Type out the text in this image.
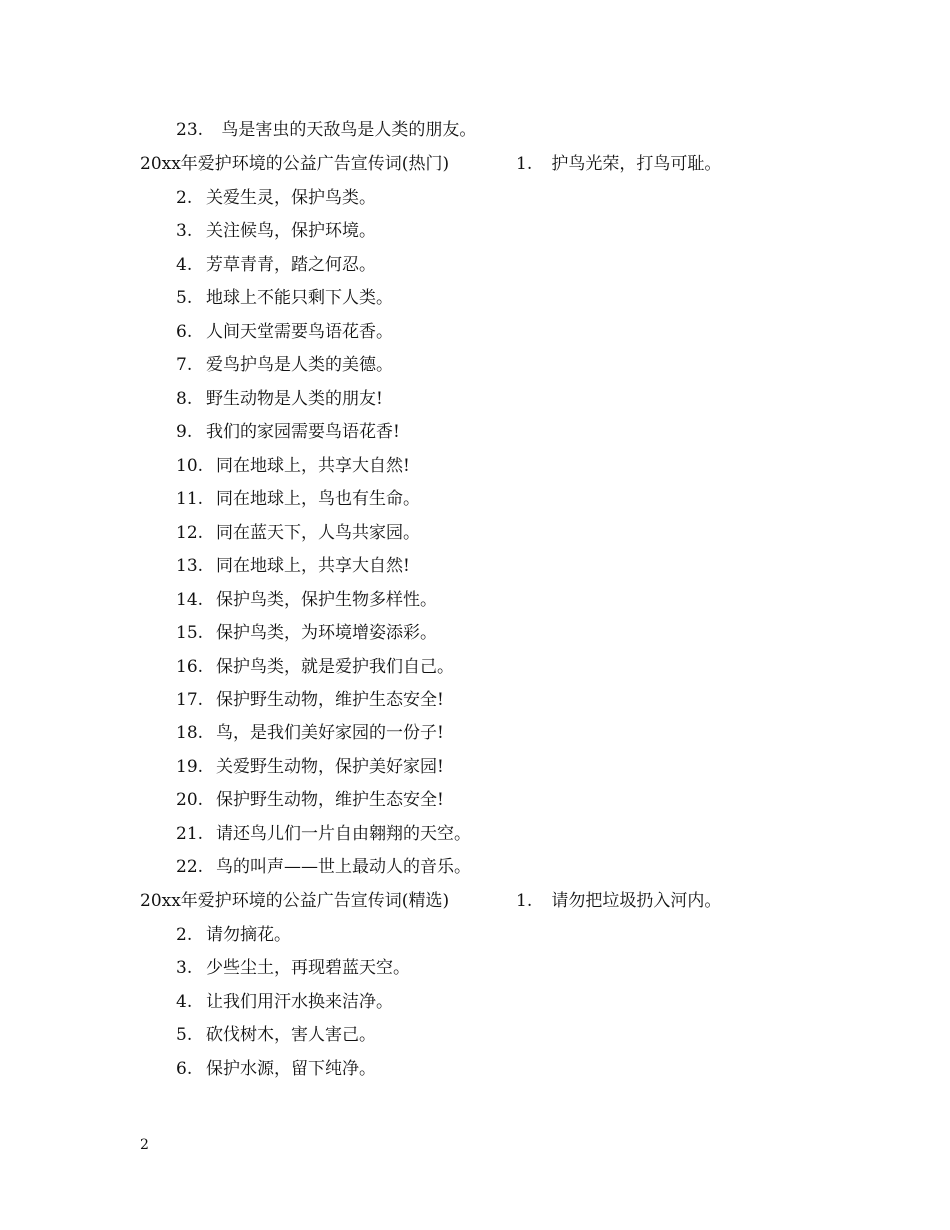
23. 鸟是害虫的天敌鸟是人类的朋友。
20xx年爱护环境的公益广告宣传词(热门)	1. 护鸟光荣，打鸟可耻。
2. 关爱生灵，保护鸟类。
3. 关注候鸟，保护环境。
4. 芳草青青，踏之何忍。
5. 地球上不能只剩下人类。
6. 人间天堂需要鸟语花香。
7. 爱鸟护鸟是人类的美德。
8. 野生动物是人类的朋友!
9. 我们的家园需要鸟语花香!
10. 同在地球上，共享大自然!
11. 同在地球上，鸟也有生命。
12. 同在蓝天下，人鸟共家园。
13. 同在地球上，共享大自然!
14. 保护鸟类，保护生物多样性。
15. 保护鸟类，为环境增姿添彩。
16. 保护鸟类，就是爱护我们自己。
17. 保护野生动物，维护生态安全!
18. 鸟，是我们美好家园的一份子!
19. 关爱野生动物，保护美好家园!
20. 保护野生动物，维护生态安全!
21. 请还鸟儿们一片自由翱翔的天空。
22. 鸟的叫声——世上最动人的音乐。
20xx年爱护环境的公益广告宣传词(精选)	1. 请勿把垃圾扔入河内。
2. 请勿摘花。
3. 少些尘土，再现碧蓝天空。
4. 让我们用汗水换来洁净。
5. 砍伐树木，害人害己。
6. 保护水源，留下纯净。
2
